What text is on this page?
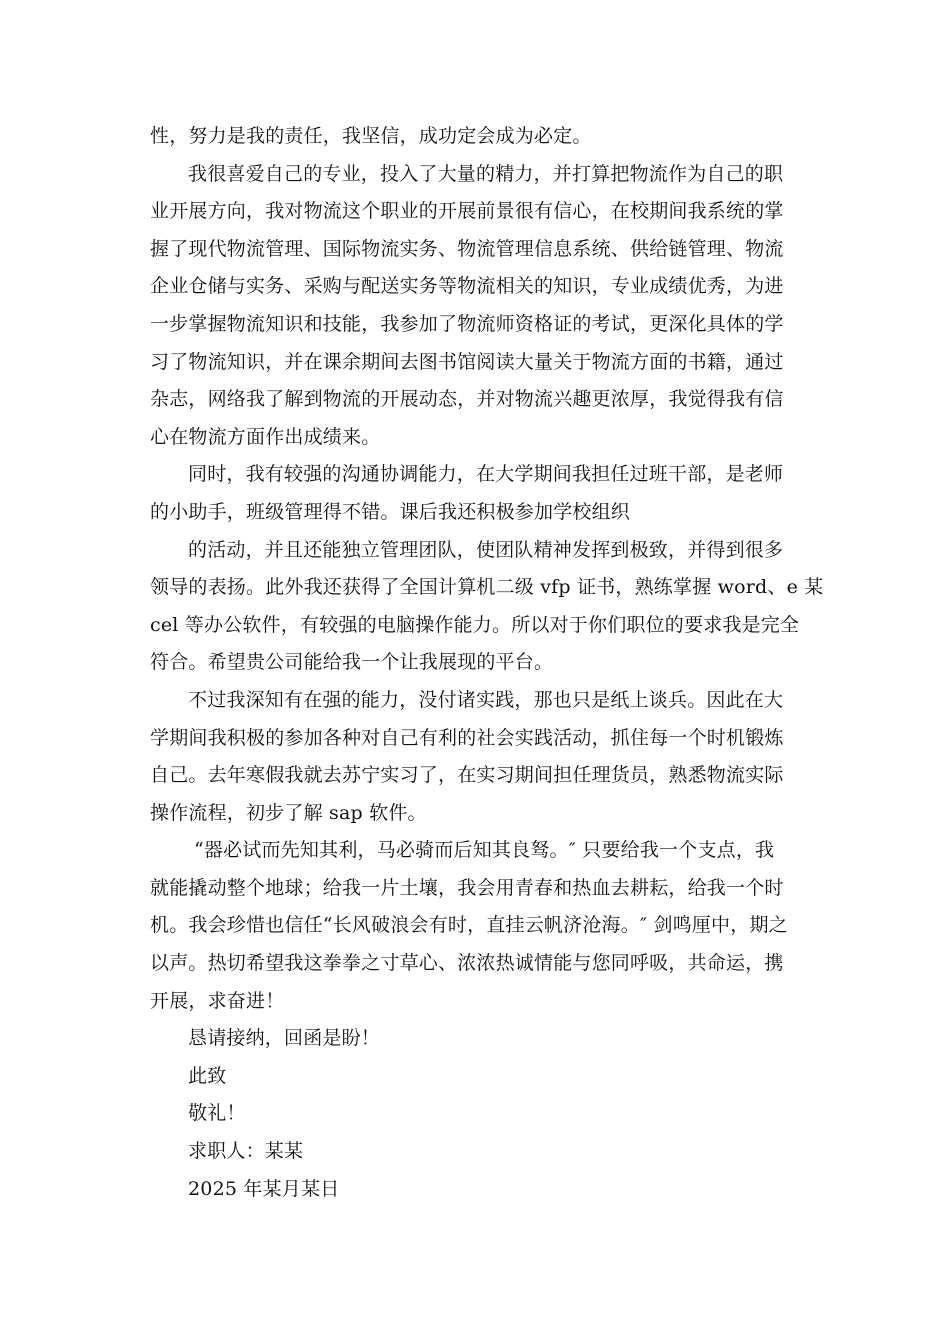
性，努力是我的责任，我坚信，成功定会成为必定。
我很喜爱自己的专业，投入了大量的精力，并打算把物流作为自己的职
业开展方向，我对物流这个职业的开展前景很有信心，在校期间我系统的掌
握了现代物流管理、国际物流实务、物流管理信息系统、供给链管理、物流
企业仓储与实务、采购与配送实务等物流相关的知识，专业成绩优秀，为进
一步掌握物流知识和技能，我参加了物流师资格证的考试，更深化具体的学
习了物流知识，并在课余期间去图书馆阅读大量关于物流方面的书籍，通过
杂志，网络我了解到物流的开展动态，并对物流兴趣更浓厚，我觉得我有信
心在物流方面作出成绩来。
同时，我有较强的沟通协调能力，在大学期间我担任过班干部，是老师
的小助手，班级管理得不错。课后我还积极参加学校组织
的活动，并且还能独立管理团队，使团队精神发挥到极致，并得到很多
领导的表扬。此外我还获得了全国计算机二级 vfp 证书，熟练掌握 word、e 某
cel 等办公软件，有较强的电脑操作能力。所以对于你们职位的要求我是完全
符合。希望贵公司能给我一个让我展现的平台。
不过我深知有在强的能力，没付诸实践，那也只是纸上谈兵。因此在大
学期间我积极的参加各种对自己有利的社会实践活动，抓住每一个时机锻炼
自己。去年寒假我就去苏宁实习了，在实习期间担任理货员，熟悉物流实际
操作流程，初步了解 sap 软件。
“器必试而先知其利，马必骑而后知其良驽。″ 只要给我一个支点，我
就能撬动整个地球；给我一片土壤，我会用青春和热血去耕耘，给我一个时
机。我会珍惜也信任“长风破浪会有时，直挂云帆济沧海。″ 剑鸣厘中，期之
以声。热切希望我这拳拳之寸草心、浓浓热诚情能与您同呼吸，共命运，携
开展，求奋进！
恳请接纳，回函是盼！
此致
敬礼！
求职人：某某
2025 年某月某日
